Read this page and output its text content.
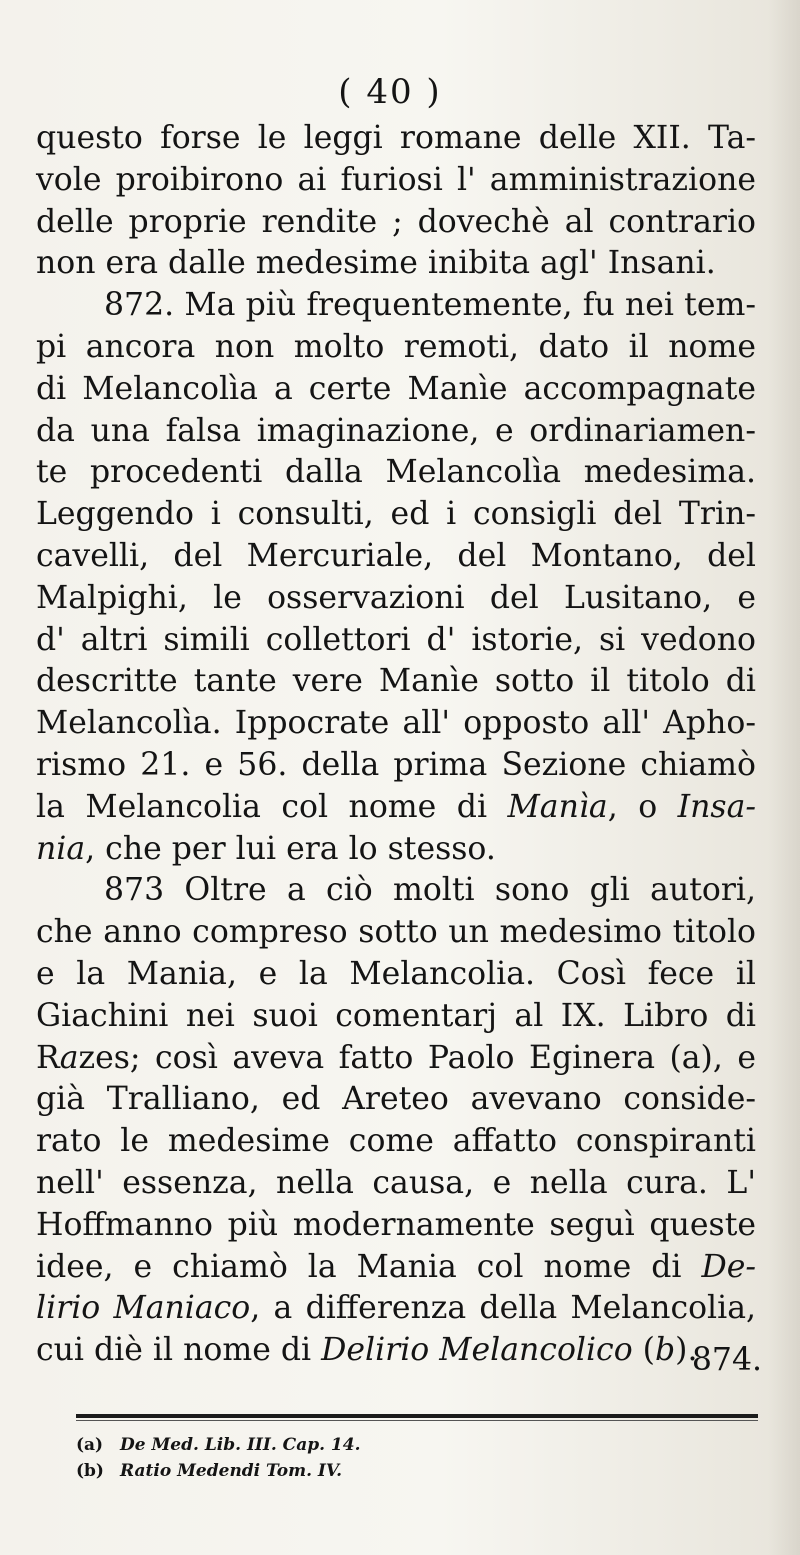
( 40 )
questo forse le leggi romane delle XII. Ta-
vole proibirono ai furiosi l' amministrazione
delle proprie rendite ; dovechè al contrario
non era dalle medesime inibita agl' Insani.
872. Ma più frequentemente, fu nei tem-
pi ancora non molto remoti, dato il nome
di Melancolìa a certe Manìe accompagnate
da una falsa imaginazione, e ordinariamen-
te procedenti dalla Melancolìa medesima.
Leggendo i consulti, ed i consigli del Trin-
cavelli, del Mercuriale, del Montano, del
Malpighi, le osservazioni del Lusitano, e
d' altri simili collettori d' istorie, si vedono
descritte tante vere Manìe sotto il titolo di
Melancolìa. Ippocrate all' opposto all' Apho-
rismo 21. e 56. della prima Sezione chiamò
la Melancolia col nome di Manìa, o Insa-
nia, che per lui era lo stesso.
873 Oltre a ciò molti sono gli autori,
che anno compreso sotto un medesimo titolo
e la Mania, e la Melancolia. Così fece il
Giachini nei suoi comentarj al IX. Libro di
Razes; così aveva fatto Paolo Eginera (a), e
già Tralliano, ed Areteo avevano conside-
rato le medesime come affatto conspiranti
nell' essenza, nella causa, e nella cura. L'
Hoffmanno più modernamente seguì queste
idee, e chiamò la Mania col nome di De-
lirio Maniaco, a differenza della Melancolia,
cui diè il nome di Delirio Melancolico (b).
874.
(a) De Med. Lib. III. Cap. 14.
(b) Ratio Medendi Tom. IV.
